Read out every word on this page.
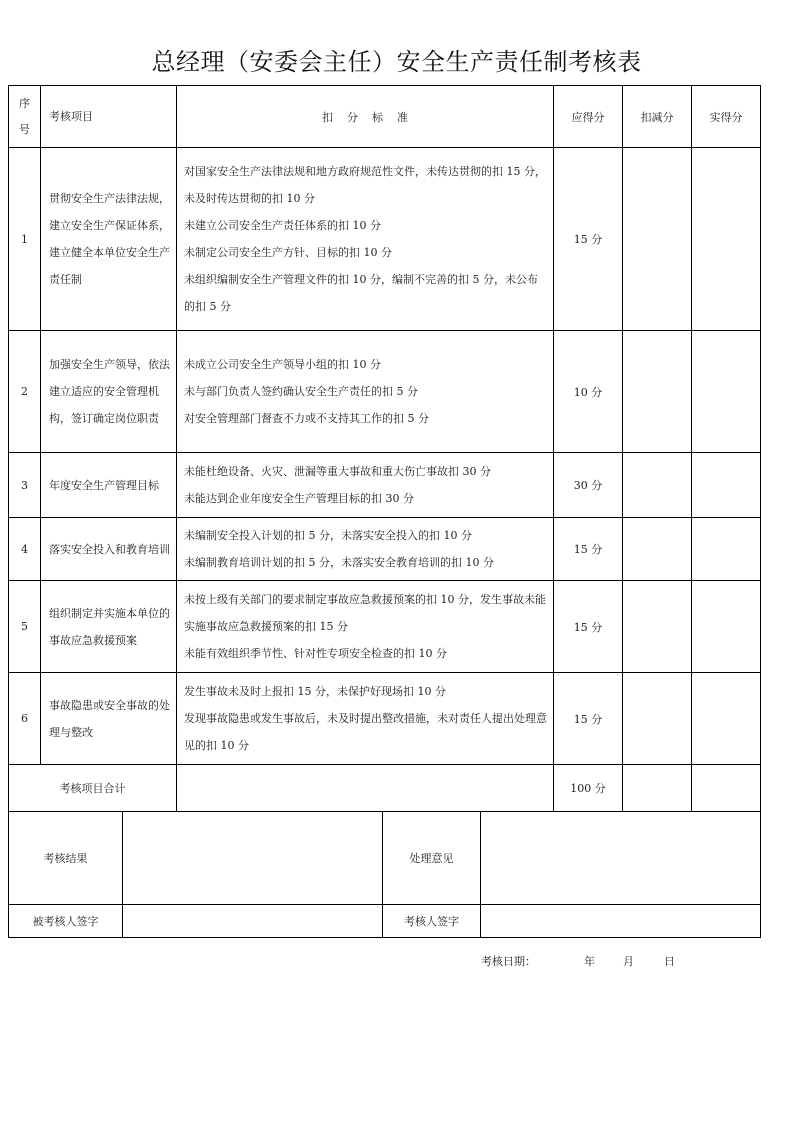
总经理（安委会主任）安全生产责任制考核表
序
号	考核项目	扣分标准	应得分	扣减分	实得分
1	贯彻安全生产法律法规，建立安全生产保证体系，建立健全本单位安全生产责任制	对国家安全生产法律法规和地方政府规范性文件，未传达贯彻的扣 15 分，未及时传达贯彻的扣 10 分
未建立公司安全生产责任体系的扣 10 分
未制定公司安全生产方针、目标的扣 10 分
未组织编制安全生产管理文件的扣 10 分，编制不完善的扣 5 分，未公布的扣 5 分	15 分		
2	加强安全生产领导，依法建立适应的安全管理机构，签订确定岗位职责	未成立公司安全生产领导小组的扣 10 分
未与部门负责人签约确认安全生产责任的扣 5 分
对安全管理部门督查不力或不支持其工作的扣 5 分	10 分		
3	年度安全生产管理目标	未能杜绝设备、火灾、泄漏等重大事故和重大伤亡事故扣 30 分
未能达到企业年度安全生产管理目标的扣 30 分	30 分		
4	落实安全投入和教育培训	未编制安全投入计划的扣 5 分，未落实安全投入的扣 10 分
未编制教育培训计划的扣 5 分，未落实安全教育培训的扣 10 分	15 分		
5	组织制定并实施本单位的事故应急救援预案	未按上级有关部门的要求制定事故应急救援预案的扣 10 分，发生事故未能实施事故应急救援预案的扣 15 分
未能有效组织季节性、针对性专项安全检查的扣 10 分	15 分		
6	事故隐患或安全事故的处理与整改	发生事故未及时上报扣 15 分，未保护好现场扣 10 分
发现事故隐患或发生事故后，未及时提出整改措施，未对责任人提出处理意见的扣 10 分	15 分		
考核项目合计			100 分		
考核结果		处理意见	
被考核人签字		考核人签字	

考核日期：	年	月	日
